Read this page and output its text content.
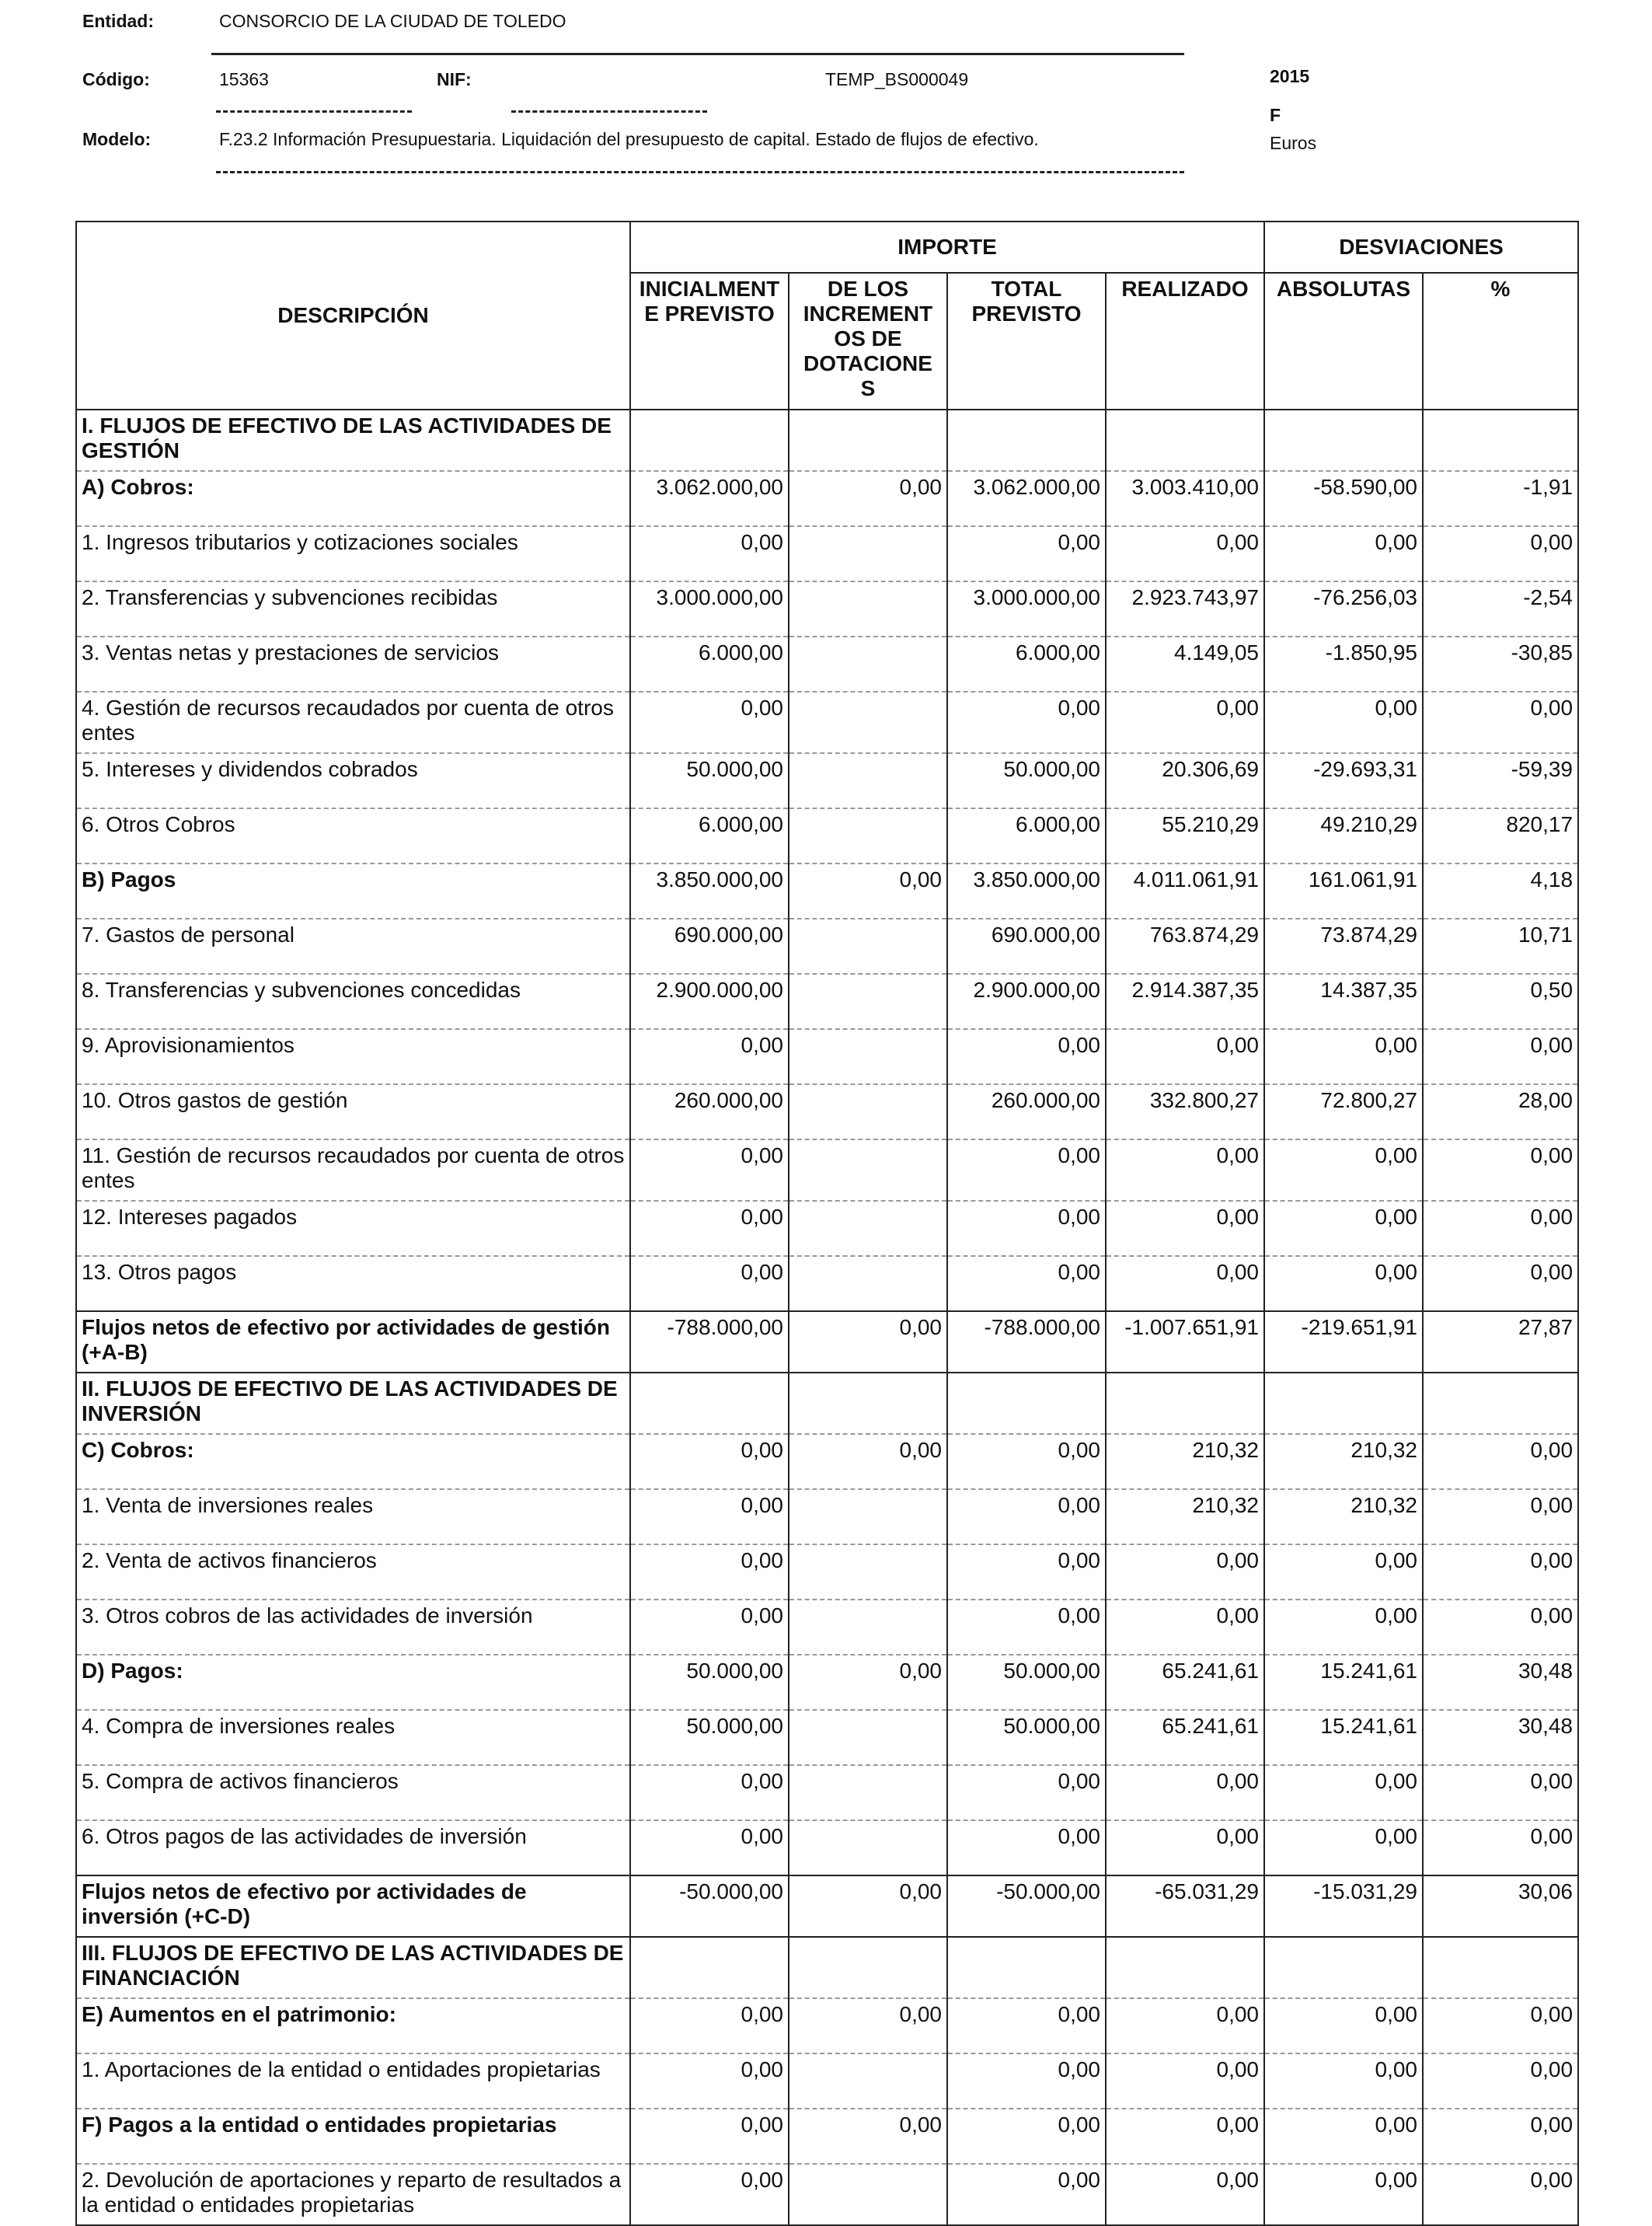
Entidad:	CONSORCIO DE LA CIUDAD DE TOLEDO
Código:	15363	NIF:	TEMP_BS000049	2015
F
Euros
Modelo:	F.23.2 Información Presupuestaria. Liquidación del presupuesto de capital. Estado de flujos de efectivo.
DESCRIPCIÓN	IMPORTE				DESVIACIONES	
	INICIALMENT E PREVISTO	DE LOS INCREMENT OS DE DOTACIONE S	TOTAL PREVISTO	REALIZADO	ABSOLUTAS	%
I. FLUJOS DE EFECTIVO DE LAS ACTIVIDADES DE GESTIÓN						
A) Cobros:	3.062.000,00	0,00	3.062.000,00	3.003.410,00	-58.590,00	-1,91
1. Ingresos tributarios y cotizaciones sociales	0,00		0,00	0,00	0,00	0,00
2. Transferencias y subvenciones recibidas	3.000.000,00		3.000.000,00	2.923.743,97	-76.256,03	-2,54
3. Ventas netas y prestaciones de servicios	6.000,00		6.000,00	4.149,05	-1.850,95	-30,85
4. Gestión de recursos recaudados por cuenta de otros entes	0,00		0,00	0,00	0,00	0,00
5. Intereses y dividendos cobrados	50.000,00		50.000,00	20.306,69	-29.693,31	-59,39
6. Otros Cobros	6.000,00		6.000,00	55.210,29	49.210,29	820,17
B) Pagos	3.850.000,00	0,00	3.850.000,00	4.011.061,91	161.061,91	4,18
7. Gastos de personal	690.000,00		690.000,00	763.874,29	73.874,29	10,71
8. Transferencias y subvenciones concedidas	2.900.000,00		2.900.000,00	2.914.387,35	14.387,35	0,50
9. Aprovisionamientos	0,00		0,00	0,00	0,00	0,00
10. Otros gastos de gestión	260.000,00		260.000,00	332.800,27	72.800,27	28,00
11. Gestión de recursos recaudados por cuenta de otros entes	0,00		0,00	0,00	0,00	0,00
12. Intereses pagados	0,00		0,00	0,00	0,00	0,00
13. Otros pagos	0,00		0,00	0,00	0,00	0,00
Flujos netos de efectivo por actividades de gestión (+A-B)	-788.000,00	0,00	-788.000,00	-1.007.651,91	-219.651,91	27,87
II. FLUJOS DE EFECTIVO DE LAS ACTIVIDADES DE INVERSIÓN						
C) Cobros:	0,00	0,00	0,00	210,32	210,32	0,00
1. Venta de inversiones reales	0,00		0,00	210,32	210,32	0,00
2. Venta de activos financieros	0,00		0,00	0,00	0,00	0,00
3. Otros cobros de las actividades de inversión	0,00		0,00	0,00	0,00	0,00
D) Pagos:	50.000,00	0,00	50.000,00	65.241,61	15.241,61	30,48
4. Compra de inversiones reales	50.000,00		50.000,00	65.241,61	15.241,61	30,48
5. Compra de activos financieros	0,00		0,00	0,00	0,00	0,00
6. Otros pagos de las actividades de inversión	0,00		0,00	0,00	0,00	0,00
Flujos netos de efectivo por actividades de inversión (+C-D)	-50.000,00	0,00	-50.000,00	-65.031,29	-15.031,29	30,06
III. FLUJOS DE EFECTIVO DE LAS ACTIVIDADES DE FINANCIACIÓN						
E) Aumentos en el patrimonio:	0,00	0,00	0,00	0,00	0,00	0,00
1. Aportaciones de la entidad o entidades propietarias	0,00		0,00	0,00	0,00	0,00
F) Pagos a la entidad o entidades propietarias	0,00	0,00	0,00	0,00	0,00	0,00
2. Devolución de aportaciones y reparto de resultados a la entidad o entidades propietarias	0,00		0,00	0,00	0,00	0,00
